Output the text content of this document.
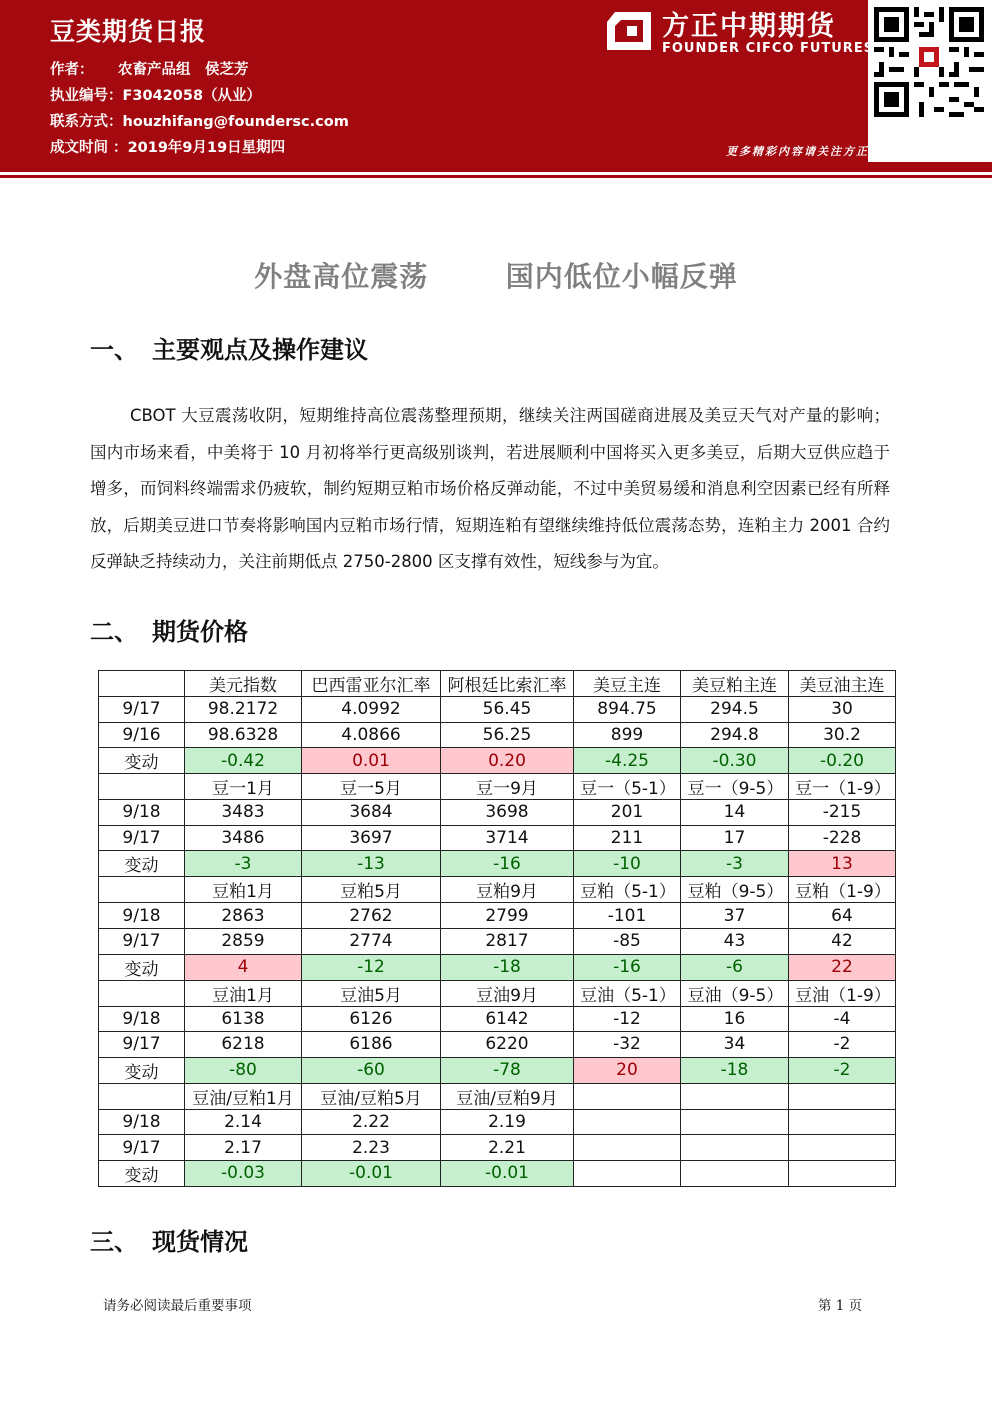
豆类期货日报
作者： 农畜产品组　侯芝芳
执业编号：F3042058（从业）
联系方式：houzhifang@foundersc.com
成文时间 ：2019年9月19日星期四
方正中期期货
FOUNDER CIFCO FUTURES
更多精彩内容请关注方正中期官方微信
外盘高位震荡	国内低位小幅反弹
一、 主要观点及操作建议
CBOT 大豆震荡收阴，短期维持高位震荡整理预期，继续关注两国磋商进展及美豆天气对产量的影响；国内市场来看，中美将于 10 月初将举行更高级别谈判，若进展顺利中国将买入更多美豆，后期大豆供应趋于增多，而饲料终端需求仍疲软，制约短期豆粕市场价格反弹动能，不过中美贸易缓和消息利空因素已经有所释放，后期美豆进口节奏将影响国内豆粕市场行情，短期连粕有望继续维持低位震荡态势，连粕主力 2001 合约反弹缺乏持续动力，关注前期低点 2750-2800 区支撑有效性，短线参与为宜。
二、 期货价格
	美元指数	巴西雷亚尔汇率	阿根廷比索汇率	美豆主连	美豆粕主连	美豆油主连
9/17	98.2172	4.0992	56.45	894.75	294.5	30
9/16	98.6328	4.0866	56.25	899	294.8	30.2
变动	-0.42	0.01	0.20	-4.25	-0.30	-0.20
	豆一1月	豆一5月	豆一9月	豆一（5-1）	豆一（9-5）	豆一（1-9）
9/18	3483	3684	3698	201	14	-215
9/17	3486	3697	3714	211	17	-228
变动	-3	-13	-16	-10	-3	13
	豆粕1月	豆粕5月	豆粕9月	豆粕（5-1）	豆粕（9-5）	豆粕（1-9）
9/18	2863	2762	2799	-101	37	64
9/17	2859	2774	2817	-85	43	42
变动	4	-12	-18	-16	-6	22
	豆油1月	豆油5月	豆油9月	豆油（5-1）	豆油（9-5）	豆油（1-9）
9/18	6138	6126	6142	-12	16	-4
9/17	6218	6186	6220	-32	34	-2
变动	-80	-60	-78	20	-18	-2
	豆油/豆粕1月	豆油/豆粕5月	豆油/豆粕9月			
9/18	2.14	2.22	2.19			
9/17	2.17	2.23	2.21			
变动	-0.03	-0.01	-0.01			
三、 现货情况
请务必阅读最后重要事项	第 1 页
